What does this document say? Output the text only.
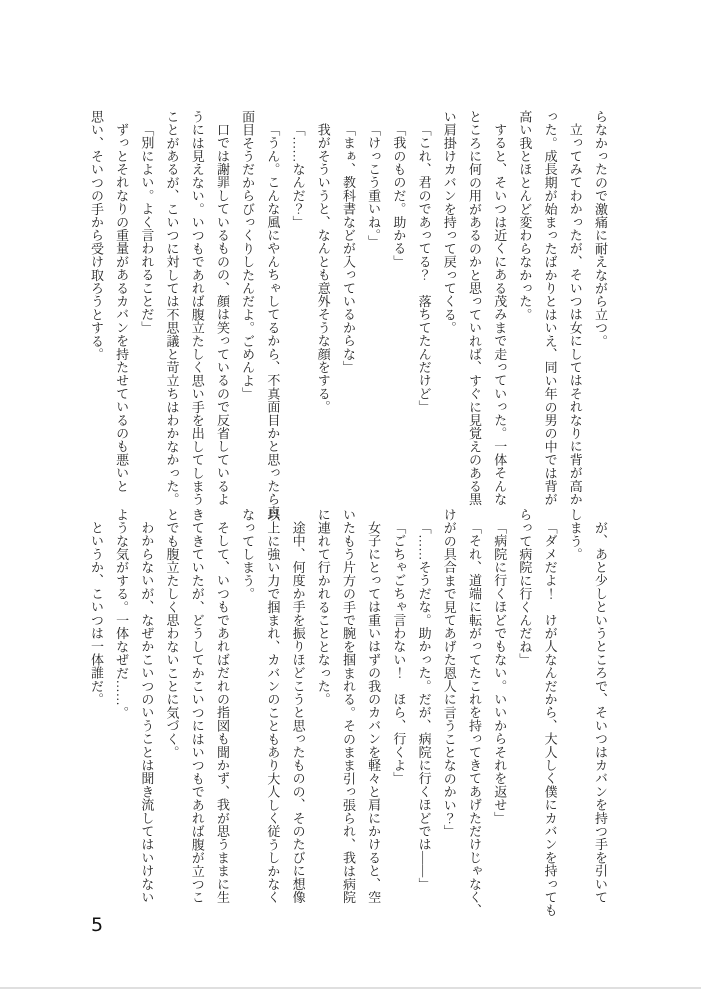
らなかったので激痛に耐えながら立つ。
立ってみてわかったが、そいつは女にしてはそれなりに背が高か
った。成長期が始まったばかりとはいえ、同い年の男の中では背が
高い我とほとんど変わらなかった。
すると、そいつは近くにある茂みまで走っていった。一体そんな
ところに何の用があるのかと思っていれば、すぐに見覚えのある黒
い肩掛けカバンを持って戻ってくる。
「これ、君のであってる？　落ちてたんだけど」
「我のものだ。助かる」
「けっこう重いね。」
「まぁ、教科書などが入っているからな」
我がそういうと、なんとも意外そうな顔をする。
「……なんだ？」
「うん。こんな風にやんちゃしてるから、不真面目かと思ったら真
面目そうだからびっくりしたんだよ。ごめんよ」
口では謝罪しているものの、顔は笑っているので反省しているよ
うには見えない。いつもであれば腹立たしく思い手を出してしまう
ことがあるが、こいつに対しては不思議と苛立ちはわかなかった。
「別によい。よく言われることだ」
ずっとそれなりの重量があるカバンを持たせているのも悪いと
思い、そいつの手から受け取ろうとする。
が、あと少しというところで、そいつはカバンを持つ手を引いて
しまう。
「ダメだよ！　けが人なんだから、大人しく僕にカバンを持っても
らって病院に行くんだね」
「病院に行くほどでもない。いいからそれを返せ」
「それ、道端に転がってたこれを持ってきてあげただけじゃなく、
けがの具合まで見てあげた恩人に言うことなのかい？」
「……そうだな。助かった。だが、病院に行くほどでは――」
「ごちゃごちゃ言わない！　ほら、行くよ」
女子にとっては重いはずの我のカバンを軽々と肩にかけると、空
いたもう片方の手で腕を掴まれる。そのまま引っ張られ、我は病院
に連れて行かれることとなった。
途中、何度か手を振りほどこうと思ったものの、そのたびに想像
以上に強い力で掴まれ、カバンのこともあり大人しく従うしかなく
なってしまう。
そして、いつもであればだれの指図も聞かず、我が思うままに生
きてきていたが、どうしてかこいつにはいつもであれば腹が立つこ
とでも腹立たしく思わないことに気づく。
わからないが、なぜかこいつのいうことは聞き流してはいけない
ような気がする。一体なぜだ……。
というか、こいつは一体誰だ。
5
